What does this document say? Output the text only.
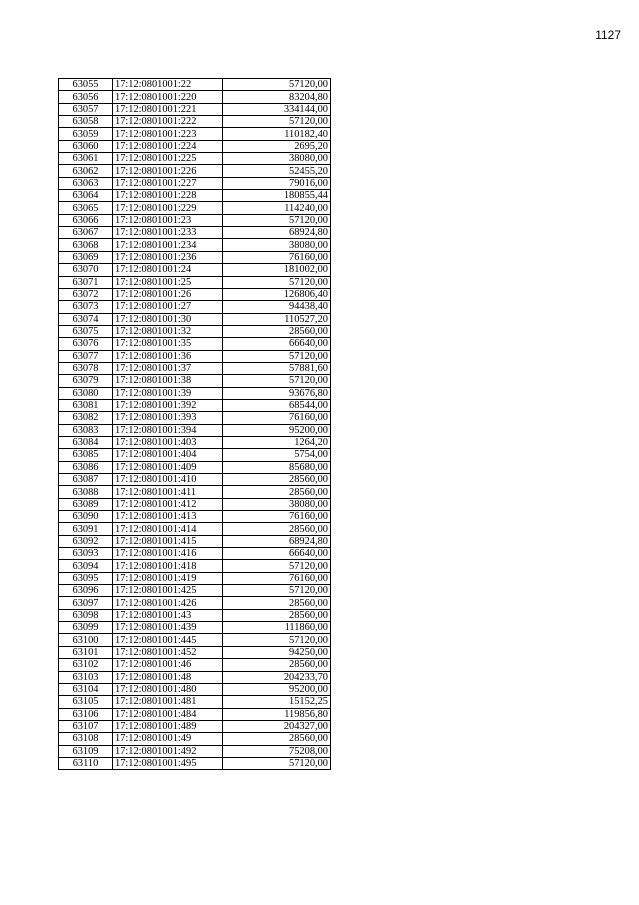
1127
63055	17:12:0801001:22	57120,00
63056	17:12:0801001:220	83204,80
63057	17:12:0801001:221	334144,00
63058	17:12:0801001:222	57120,00
63059	17:12:0801001:223	110182,40
63060	17:12:0801001:224	2695,20
63061	17:12:0801001:225	38080,00
63062	17:12:0801001:226	52455,20
63063	17:12:0801001:227	79016,00
63064	17:12:0801001:228	180855,44
63065	17:12:0801001:229	114240,00
63066	17:12:0801001:23	57120,00
63067	17:12:0801001:233	68924,80
63068	17:12:0801001:234	38080,00
63069	17:12:0801001:236	76160,00
63070	17:12:0801001:24	181002,00
63071	17:12:0801001:25	57120,00
63072	17:12:0801001:26	126806,40
63073	17:12:0801001:27	94438,40
63074	17:12:0801001:30	110527,20
63075	17:12:0801001:32	28560,00
63076	17:12:0801001:35	66640,00
63077	17:12:0801001:36	57120,00
63078	17:12:0801001:37	57881,60
63079	17:12:0801001:38	57120,00
63080	17:12:0801001:39	93676,80
63081	17:12:0801001:392	68544,00
63082	17:12:0801001:393	76160,00
63083	17:12:0801001:394	95200,00
63084	17:12:0801001:403	1264,20
63085	17:12:0801001:404	5754,00
63086	17:12:0801001:409	85680,00
63087	17:12:0801001:410	28560,00
63088	17:12:0801001:411	28560,00
63089	17:12:0801001:412	38080,00
63090	17:12:0801001:413	76160,00
63091	17:12:0801001:414	28560,00
63092	17:12:0801001:415	68924,80
63093	17:12:0801001:416	66640,00
63094	17:12:0801001:418	57120,00
63095	17:12:0801001:419	76160,00
63096	17:12:0801001:425	57120,00
63097	17:12:0801001:426	28560,00
63098	17:12:0801001:43	28560,00
63099	17:12:0801001:439	111860,00
63100	17:12:0801001:445	57120,00
63101	17:12:0801001:452	94250,00
63102	17:12:0801001:46	28560,00
63103	17:12:0801001:48	204233,70
63104	17:12:0801001:480	95200,00
63105	17:12:0801001:481	15152,25
63106	17:12:0801001:484	119856,80
63107	17:12:0801001:489	204327,00
63108	17:12:0801001:49	28560,00
63109	17:12:0801001:492	75208,00
63110	17:12:0801001:495	57120,00
